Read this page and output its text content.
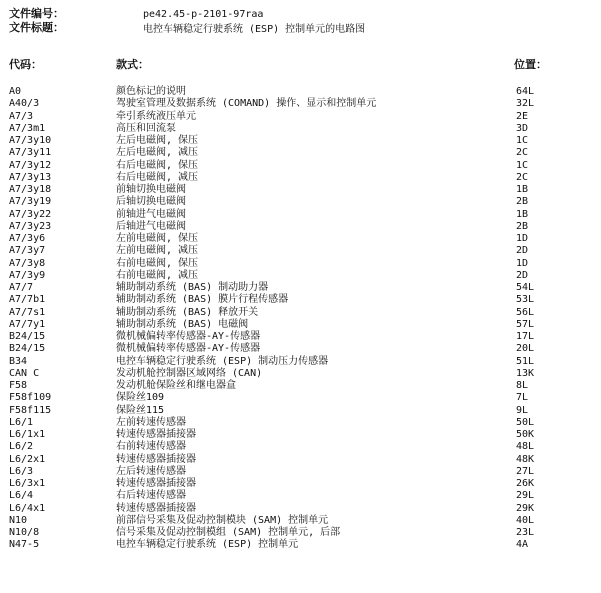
文件编号：	pe42.45-p-2101-97raa
文件标题：	电控车辆稳定行驶系统 (ESP) 控制单元的电路图
代码：	款式：	位置：
A0	颜色标记的说明	64L
A40/3	驾驶室管理及数据系统 (COMAND) 操作、显示和控制单元	32L
A7/3	牵引系统液压单元	2E
A7/3m1	高压和回流泵	3D
A7/3y10	左后电磁阀, 保压	1C
A7/3y11	左后电磁阀, 减压	2C
A7/3y12	右后电磁阀, 保压	1C
A7/3y13	右后电磁阀, 减压	2C
A7/3y18	前轴切换电磁阀	1B
A7/3y19	后轴切换电磁阀	2B
A7/3y22	前轴进气电磁阀	1B
A7/3y23	后轴进气电磁阀	2B
A7/3y6	左前电磁阀, 保压	1D
A7/3y7	左前电磁阀, 减压	2D
A7/3y8	右前电磁阀, 保压	1D
A7/3y9	右前电磁阀, 减压	2D
A7/7	辅助制动系统 (BAS) 制动助力器	54L
A7/7b1	辅助制动系统 (BAS) 膜片行程传感器	53L
A7/7s1	辅助制动系统 (BAS) 释放开关	56L
A7/7y1	辅助制动系统 (BAS) 电磁阀	57L
B24/15	微机械偏转率传感器-AY-传感器	17L
B24/15	微机械偏转率传感器-AY-传感器	20L
B34	电控车辆稳定行驶系统 (ESP) 制动压力传感器	51L
CAN C	发动机舱控制器区域网络 (CAN)	13K
F58	发动机舱保险丝和继电器盒	8L
F58f109	保险丝109	7L
F58f115	保险丝115	9L
L6/1	左前转速传感器	50L
L6/1x1	转速传感器插接器	50K
L6/2	右前转速传感器	48L
L6/2x1	转速传感器插接器	48K
L6/3	左后转速传感器	27L
L6/3x1	转速传感器插接器	26K
L6/4	右后转速传感器	29L
L6/4x1	转速传感器插接器	29K
N10	前部信号采集及促动控制模块 (SAM) 控制单元	40L
N10/8	信号采集及促动控制模组 (SAM) 控制单元, 后部	23L
N47-5	电控车辆稳定行驶系统 (ESP) 控制单元	4A
